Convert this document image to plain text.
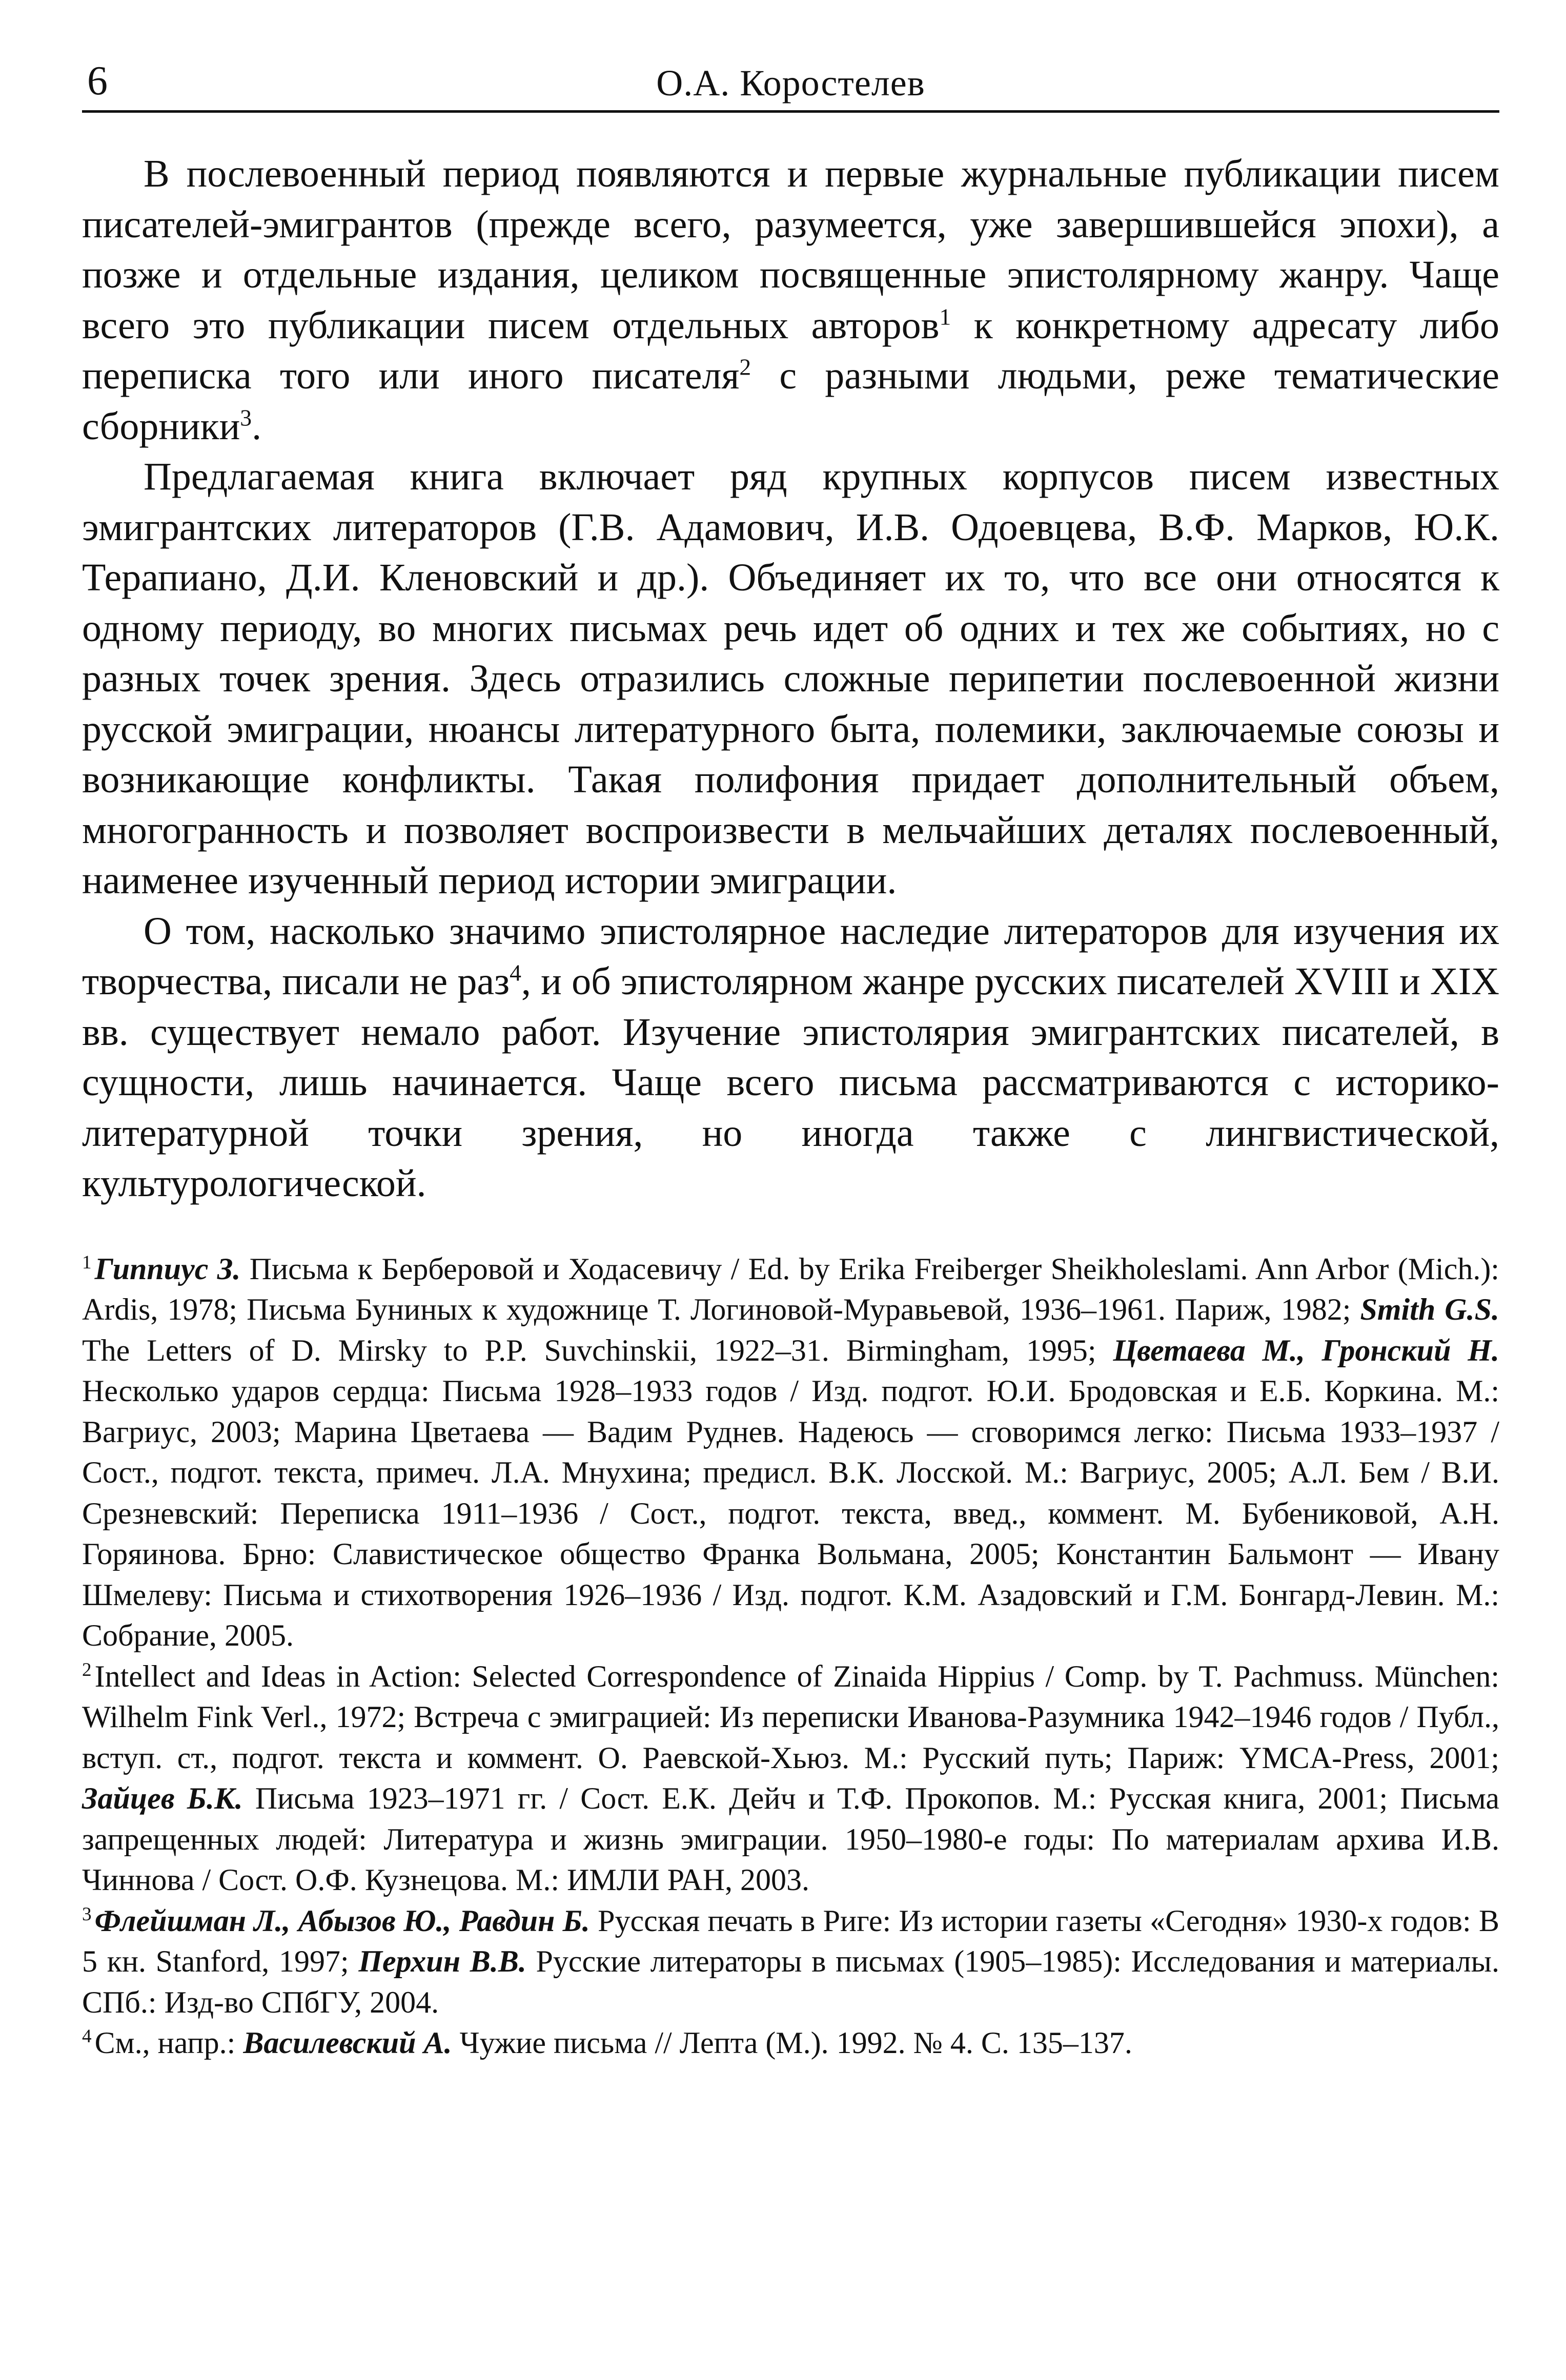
6	О.А. Коростелев

В послевоенный период появляются и первые журнальные публикации писем писателей-эмигрантов (прежде всего, разумеется, уже завершившейся эпохи), а позже и отдельные издания, целиком посвященные эпистолярному жанру. Чаще всего это публикации писем отдельных авторов$^1$ к конкретному адресату либо переписка того или иного писателя$^2$ с разными людьми, реже тематические сборники$^3$.

Предлагаемая книга включает ряд крупных корпусов писем известных эмигрантских литераторов (Г.В. Адамович, И.В. Одоевцева, В.Ф. Марков, Ю.К. Терапиано, Д.И. Кленовский и др.). Объединяет их то, что все они относятся к одному периоду, во многих письмах речь идет об одних и тех же событиях, но с разных точек зрения. Здесь отразились сложные перипетии послевоенной жизни русской эмиграции, нюансы литературного быта, полемики, заключаемые союзы и возникающие конфликты. Такая полифония придает дополнительный объем, многогранность и позволяет воспроизвести в мельчайших деталях послевоенный, наименее изученный период истории эмиграции.

О том, насколько значимо эпистолярное наследие литераторов для изучения их творчества, писали не раз$^4$, и об эпистолярном жанре русских писателей XVIII и XIX вв. существует немало работ. Изучение эпистолярия эмигрантских писателей, в сущности, лишь начинается. Чаще всего письма рассматриваются с историко-литературной точки зрения, но иногда также с лингвистической, культурологической.

$^1$ Гиппиус З. Письма к Берберовой и Ходасевичу / Ed. by Erika Freiberger Sheikholeslami. Ann Arbor (Mich.): Ardis, 1978; Письма Буниных к художнице Т. Логиновой-Муравьевой, 1936–1961. Париж, 1982; Smith G.S. The Letters of D. Mirsky to P.P. Suvchinskii, 1922–31. Birmingham, 1995; Цветаева М., Гронский Н. Несколько ударов сердца: Письма 1928–1933 годов / Изд. подгот. Ю.И. Бродовская и Е.Б. Коркина. М.: Вагриус, 2003; Марина Цветаева — Вадим Руднев. Надеюсь — сговоримся легко: Письма 1933–1937 / Сост., подгот. текста, примеч. Л.А. Мнухина; предисл. В.К. Лосской. М.: Вагриус, 2005; А.Л. Бем / В.И. Срезневский: Переписка 1911–1936 / Сост., подгот. текста, введ., коммент. М. Бубениковой, А.Н. Горяинова. Брно: Славистическое общество Франка Вольмана, 2005; Константин Бальмонт — Ивану Шмелеву: Письма и стихотворения 1926–1936 / Изд. подгот. К.М. Азадовский и Г.М. Бонгард-Левин. М.: Собрание, 2005.

$^2$ Intellect and Ideas in Action: Selected Correspondence of Zinaida Hippius / Comp. by T. Pachmuss. München: Wilhelm Fink Verl., 1972; Встреча с эмиграцией: Из переписки Иванова-Разумника 1942–1946 годов / Публ., вступ. ст., подгот. текста и коммент. О. Раевской-Хьюз. М.: Русский путь; Париж: YMCA-Press, 2001; Зайцев Б.К. Письма 1923–1971 гг. / Сост. Е.К. Дейч и Т.Ф. Прокопов. М.: Русская книга, 2001; Письма запрещенных людей: Литература и жизнь эмиграции. 1950–1980-е годы: По материалам архива И.В. Чиннова / Сост. О.Ф. Кузнецова. М.: ИМЛИ РАН, 2003.

$^3$ Флейшман Л., Абызов Ю., Равдин Б. Русская печать в Риге: Из истории газеты «Сегодня» 1930-х годов: В 5 кн. Stanford, 1997; Перхин В.В. Русские литераторы в письмах (1905–1985): Исследования и материалы. СПб.: Изд-во СПбГУ, 2004.

$^4$ См., напр.: Василевский А. Чужие письма // Лепта (М.). 1992. № 4. С. 135–137.
